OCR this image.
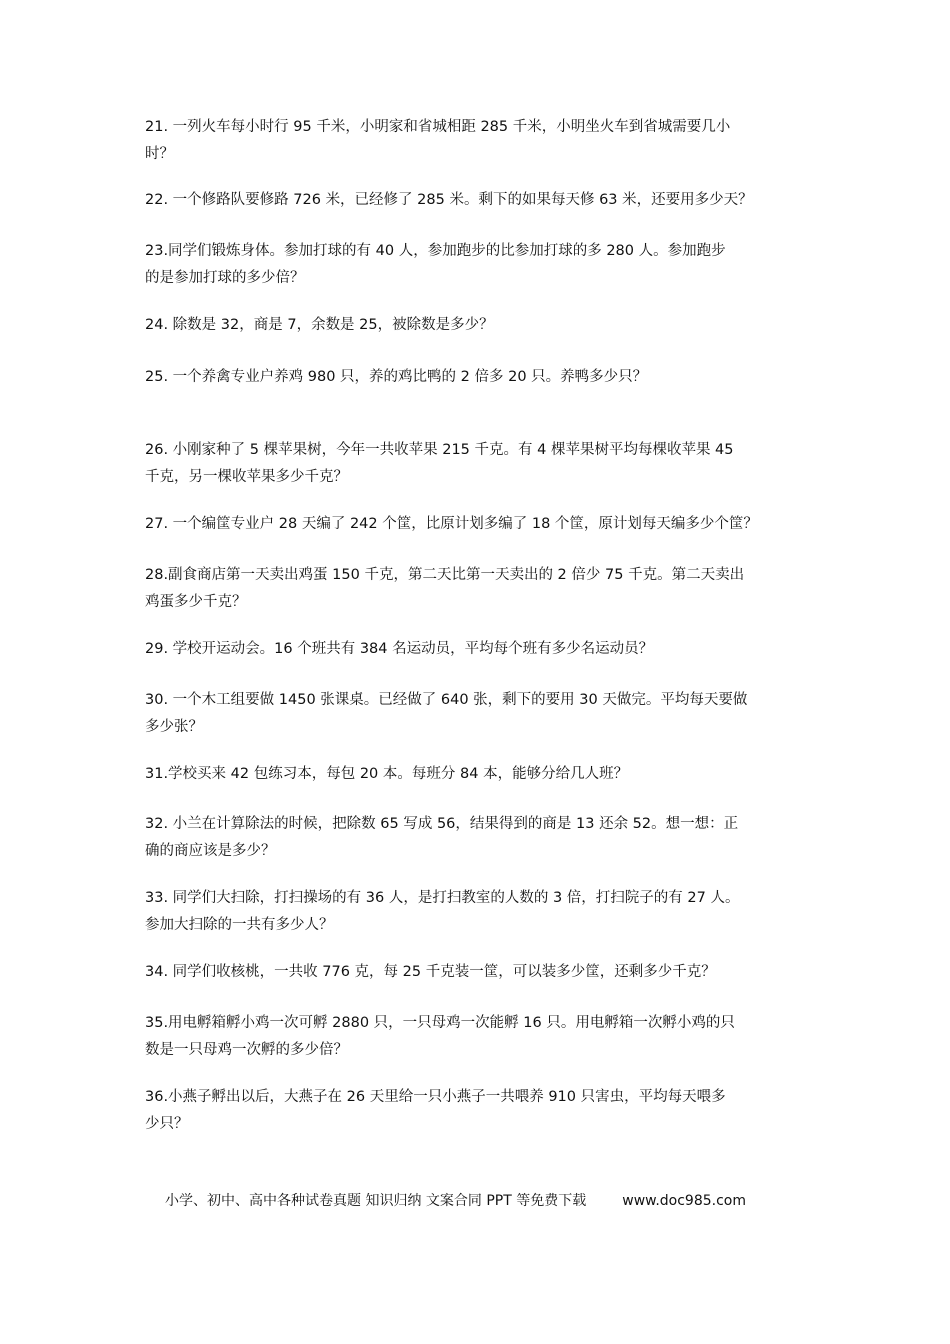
21. 一列火车每小时行 95 千米，小明家和省城相距 285 千米，小明坐火车到省城需要几小
时？
22. 一个修路队要修路 726 米，已经修了 285 米。剩下的如果每天修 63 米，还要用多少天？
23.同学们锻炼身体。参加打球的有 40 人，参加跑步的比参加打球的多 280 人。参加跑步
的是参加打球的多少倍？
24. 除数是 32，商是 7，余数是 25，被除数是多少？
25. 一个养禽专业户养鸡 980 只，养的鸡比鸭的 2 倍多 20 只。养鸭多少只？
26. 小刚家种了 5 棵苹果树，今年一共收苹果 215 千克。有 4 棵苹果树平均每棵收苹果 45
千克，另一棵收苹果多少千克？
27. 一个编筐专业户 28 天编了 242 个筐，比原计划多编了 18 个筐，原计划每天编多少个筐？
28.副食商店第一天卖出鸡蛋 150 千克，第二天比第一天卖出的 2 倍少 75 千克。第二天卖出
鸡蛋多少千克？
29. 学校开运动会。16 个班共有 384 名运动员，平均每个班有多少名运动员？
30. 一个木工组要做 1450 张课桌。已经做了 640 张，剩下的要用 30 天做完。平均每天要做
多少张？
31.学校买来 42 包练习本，每包 20 本。每班分 84 本，能够分给几人班？
32. 小兰在计算除法的时候，把除数 65 写成 56，结果得到的商是 13 还余 52。想一想：正
确的商应该是多少？
33. 同学们大扫除，打扫操场的有 36 人，是打扫教室的人数的 3 倍，打扫院子的有 27 人。
参加大扫除的一共有多少人？
34. 同学们收核桃，一共收 776 克，每 25 千克装一筐，可以装多少筐，还剩多少千克？
35.用电孵箱孵小鸡一次可孵 2880 只，一只母鸡一次能孵 16 只。用电孵箱一次孵小鸡的只
数是一只母鸡一次孵的多少倍？
36.小燕子孵出以后，大燕子在 26 天里给一只小燕子一共喂养 910 只害虫，平均每天喂多
少只？
小学、初中、高中各种试卷真题 知识归纳 文案合同 PPT 等免费下载	www.doc985.com
